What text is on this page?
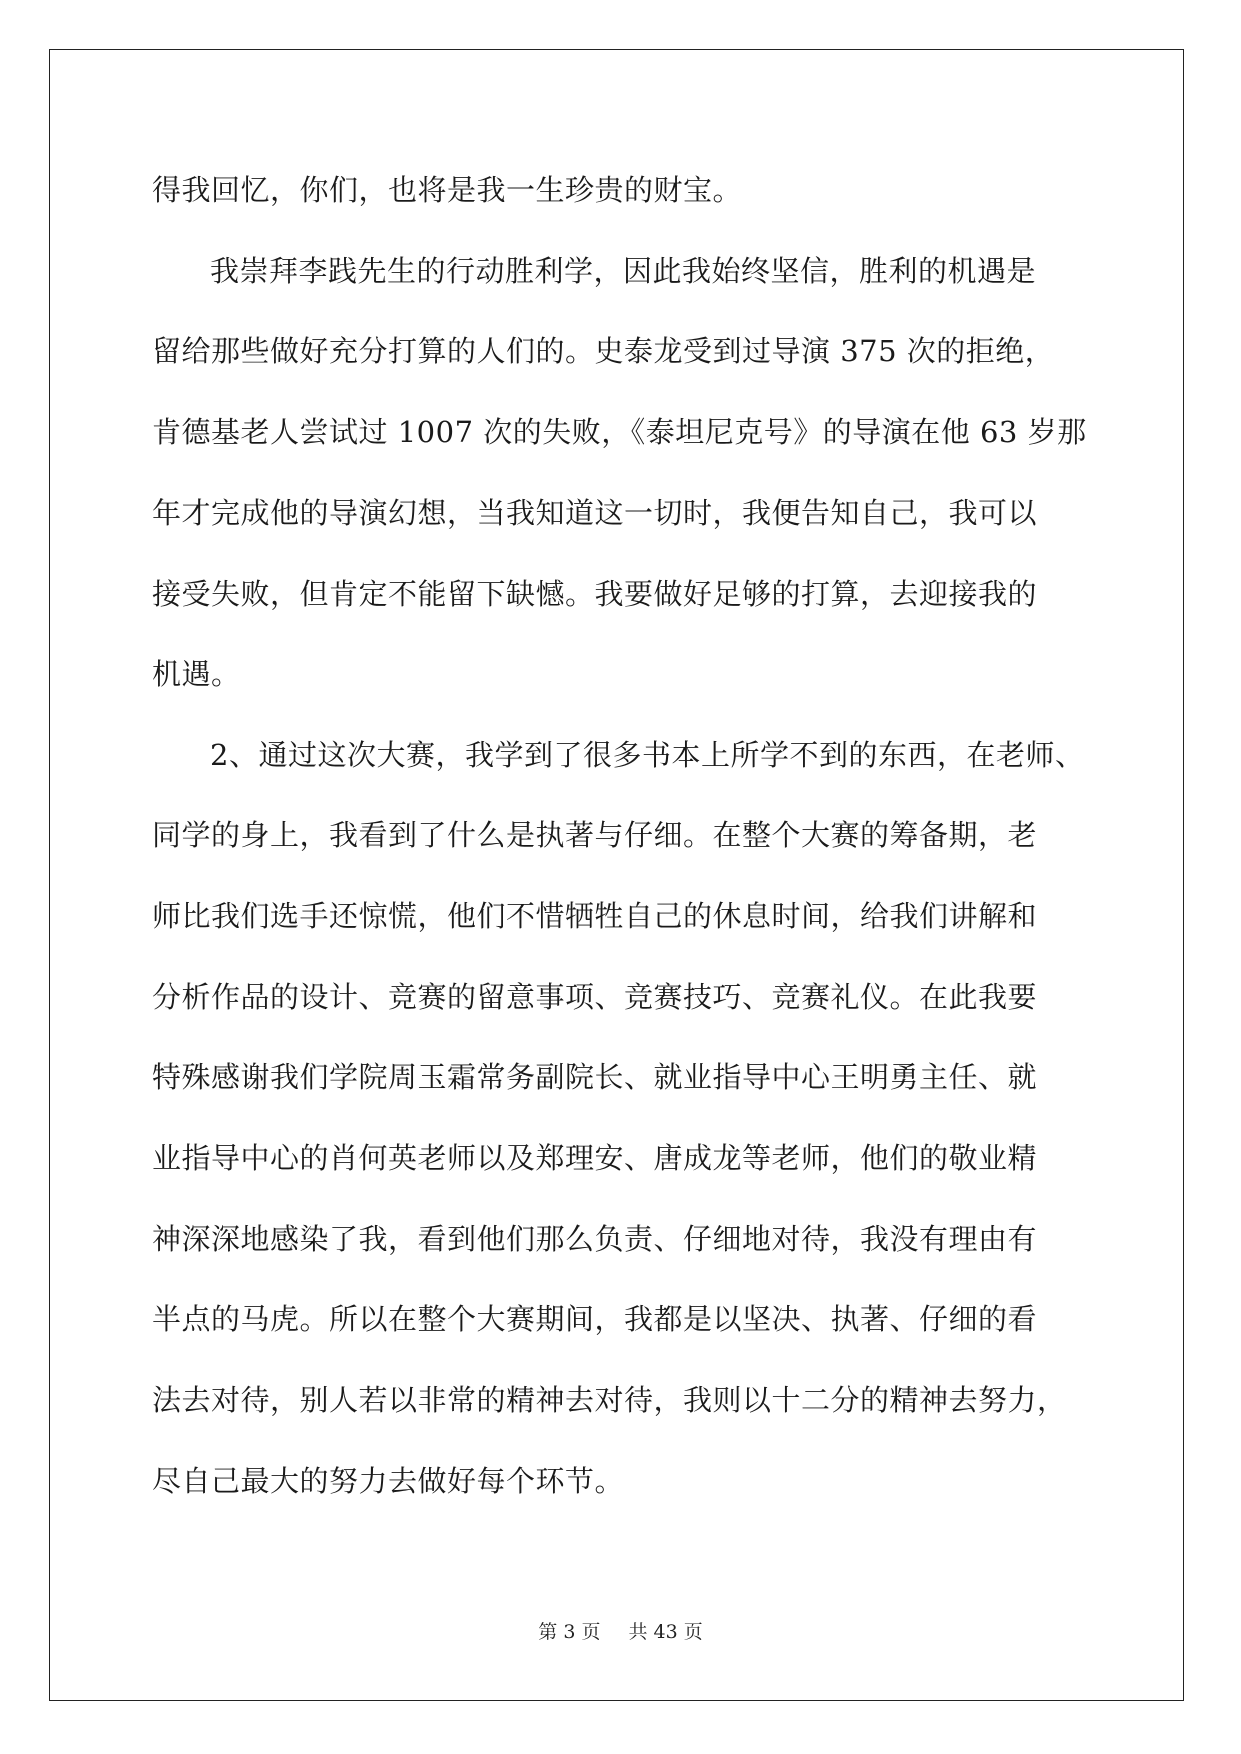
得我回忆，你们，也将是我一生珍贵的财宝。
我崇拜李践先生的行动胜利学，因此我始终坚信，胜利的机遇是
留给那些做好充分打算的人们的。史泰龙受到过导演 375 次的拒绝，
肯德基老人尝试过 1007 次的失败，《泰坦尼克号》的导演在他 63 岁那
年才完成他的导演幻想，当我知道这一切时，我便告知自己，我可以
接受失败，但肯定不能留下缺憾。我要做好足够的打算，去迎接我的
机遇。
2、通过这次大赛，我学到了很多书本上所学不到的东西，在老师、
同学的身上，我看到了什么是执著与仔细。在整个大赛的筹备期，老
师比我们选手还惊慌，他们不惜牺牲自己的休息时间，给我们讲解和
分析作品的设计、竞赛的留意事项、竞赛技巧、竞赛礼仪。在此我要
特殊感谢我们学院周玉霜常务副院长、就业指导中心王明勇主任、就
业指导中心的肖何英老师以及郑理安、唐成龙等老师，他们的敬业精
神深深地感染了我，看到他们那么负责、仔细地对待，我没有理由有
半点的马虎。所以在整个大赛期间，我都是以坚决、执著、仔细的看
法去对待，别人若以非常的精神去对待，我则以十二分的精神去努力，
尽自己最大的努力去做好每个环节。
第 3 页 共 43 页
